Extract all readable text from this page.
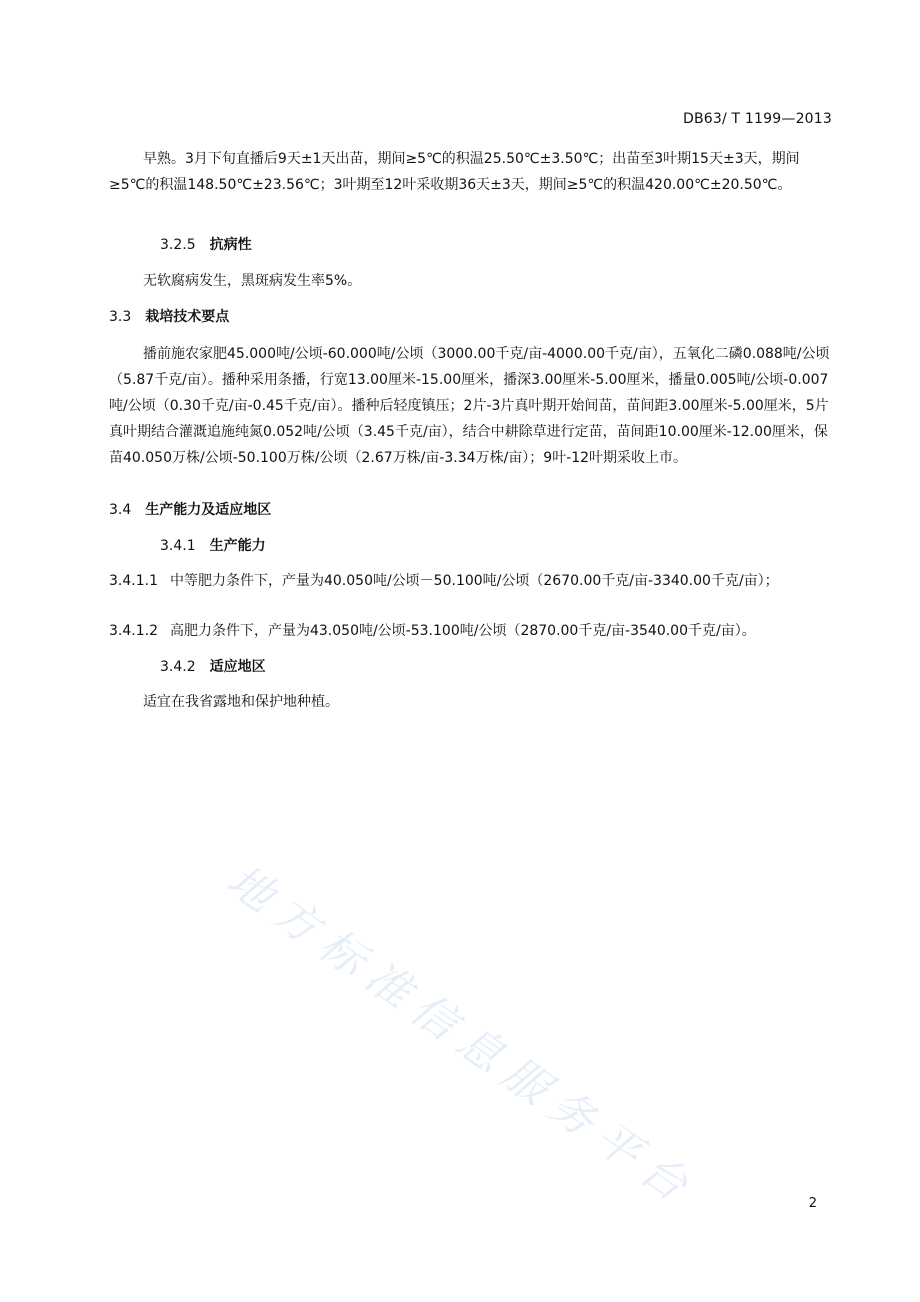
DB63/ T 1199—2013
早熟。3月下旬直播后9天±1天出苗，期间≥5℃的积温25.50℃±3.50℃；出苗至3叶期15天±3天，期间≥5℃的积温148.50℃±23.56℃；3叶期至12叶采收期36天±3天，期间≥5℃的积温420.00℃±20.50℃。
3.2.5 抗病性
无软腐病发生，黑斑病发生率5%。
3.3 栽培技术要点
播前施农家肥45.000吨/公顷-60.000吨/公顷（3000.00千克/亩-4000.00千克/亩），五氧化二磷0.088吨/公顷（5.87千克/亩）。播种采用条播，行宽13.00厘米-15.00厘米，播深3.00厘米-5.00厘米，播量0.005吨/公顷-0.007吨/公顷（0.30千克/亩-0.45千克/亩）。播种后轻度镇压；2片-3片真叶期开始间苗，苗间距3.00厘米-5.00厘米，5片真叶期结合灌溉追施纯氮0.052吨/公顷（3.45千克/亩），结合中耕除草进行定苗，苗间距10.00厘米-12.00厘米，保苗40.050万株/公顷-50.100万株/公顷（2.67万株/亩-3.34万株/亩）；9叶-12叶期采收上市。
3.4 生产能力及适应地区
3.4.1 生产能力
3.4.1.1 中等肥力条件下，产量为40.050吨/公顷－50.100吨/公顷（2670.00千克/亩-3340.00千克/亩）；
3.4.1.2 高肥力条件下，产量为43.050吨/公顷-53.100吨/公顷（2870.00千克/亩-3540.00千克/亩）。
3.4.2 适应地区
适宜在我省露地和保护地种植。
地方标准信息服务平台	2
